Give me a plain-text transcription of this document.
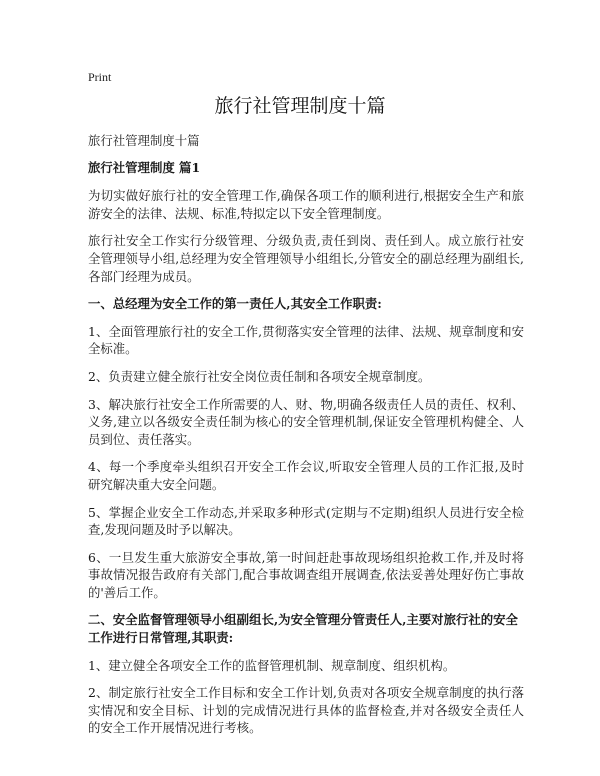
Print
旅行社管理制度十篇

旅行社管理制度十篇

旅行社管理制度 篇1

为切实做好旅行社的安全管理工作,确保各项工作的顺利进行,根据安全生产和旅游安全的法律、法规、标准,特拟定以下安全管理制度。

旅行社安全工作实行分级管理、分级负责,责任到岗、责任到人。成立旅行社安全管理领导小组,总经理为安全管理领导小组组长,分管安全的副总经理为副组长,各部门经理为成员。

一、总经理为安全工作的第一责任人,其安全工作职责:

1、全面管理旅行社的安全工作,贯彻落实安全管理的法律、法规、规章制度和安全标准。

2、负责建立健全旅行社安全岗位责任制和各项安全规章制度。

3、解决旅行社安全工作所需要的人、财、物,明确各级责任人员的责任、权利、义务,建立以各级安全责任制为核心的安全管理机制,保证安全管理机构健全、人员到位、责任落实。

4、每一个季度牵头组织召开安全工作会议,听取安全管理人员的工作汇报,及时研究解决重大安全问题。

5、掌握企业安全工作动态,并采取多种形式(定期与不定期)组织人员进行安全检查,发现问题及时予以解决。

6、一旦发生重大旅游安全事故,第一时间赶赴事故现场组织抢救工作,并及时将事故情况报告政府有关部门,配合事故调查组开展调查,依法妥善处理好伤亡事故的'善后工作。

二、安全监督管理领导小组副组长,为安全管理分管责任人,主要对旅行社的安全工作进行日常管理,其职责:

1、建立健全各项安全工作的监督管理机制、规章制度、组织机构。

2、制定旅行社安全工作目标和安全工作计划,负责对各项安全规章制度的执行落实情况和安全目标、计划的完成情况进行具体的监督检查,并对各级安全责任人的安全工作开展情况进行考核。
